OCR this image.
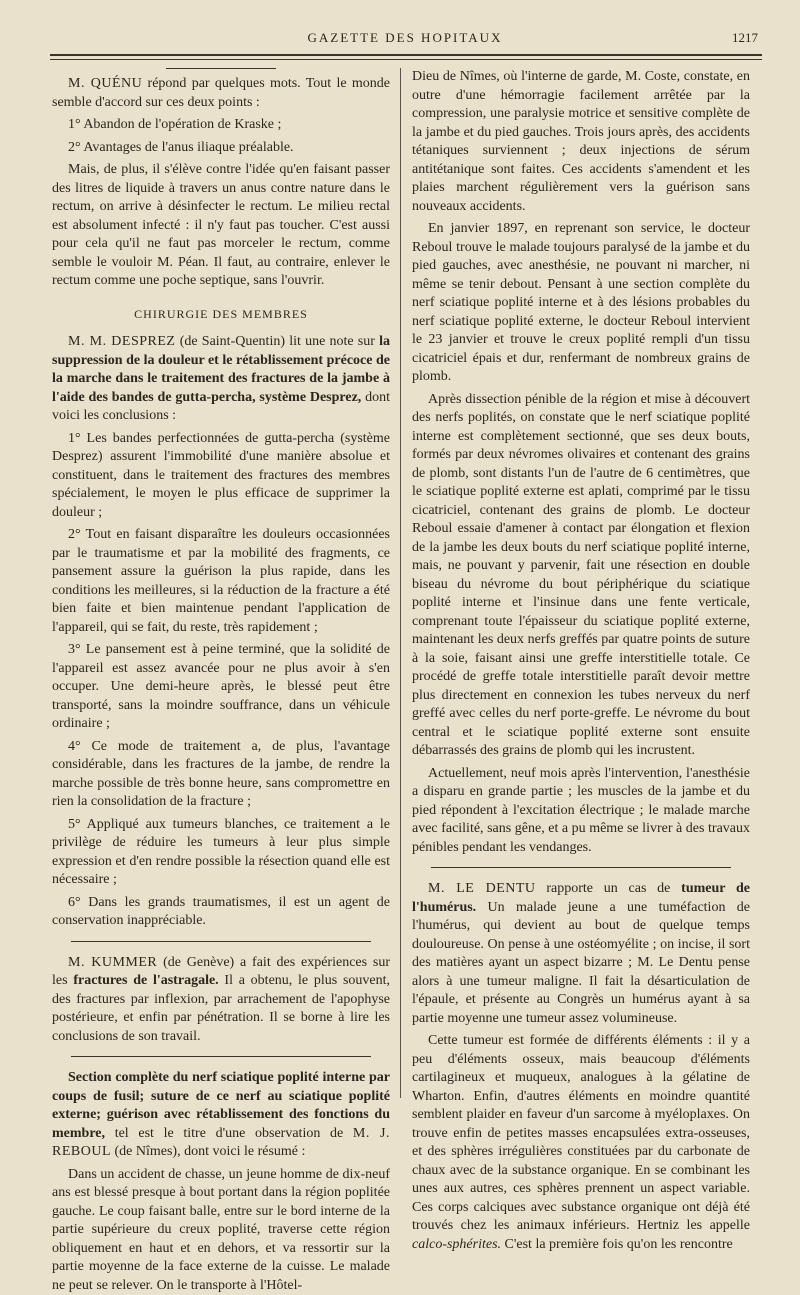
GAZETTE DES HOPITAUX	1217

M. QUÉNU répond par quelques mots. Tout le monde semble d'accord sur ces deux points :

1° Abandon de l'opération de Kraske ;

2° Avantages de l'anus iliaque préalable.

Mais, de plus, il s'élève contre l'idée qu'en faisant passer des litres de liquide à travers un anus contre nature dans le rectum, on arrive à désinfecter le rectum. Le milieu rectal est absolument infecté : il n'y faut pas toucher. C'est aussi pour cela qu'il ne faut pas morceler le rectum, comme semble le vouloir M. Péan. Il faut, au contraire, enlever le rectum comme une poche septique, sans l'ouvrir.

CHIRURGIE DES MEMBRES

M. M. DESPREZ (de Saint-Quentin) lit une note sur la suppression de la douleur et le rétablissement précoce de la marche dans le traitement des fractures de la jambe à l'aide des bandes de gutta-percha, système Desprez, dont voici les conclusions :

1° Les bandes perfectionnées de gutta-percha (système Desprez) assurent l'immobilité d'une manière absolue et constituent, dans le traitement des fractures des membres spécialement, le moyen le plus efficace de supprimer la douleur ;

2° Tout en faisant disparaître les douleurs occasionnées par le traumatisme et par la mobilité des fragments, ce pansement assure la guérison la plus rapide, dans les conditions les meilleures, si la réduction de la fracture a été bien faite et bien maintenue pendant l'application de l'appareil, qui se fait, du reste, très rapidement ;

3° Le pansement est à peine terminé, que la solidité de l'appareil est assez avancée pour ne plus avoir à s'en occuper. Une demi-heure après, le blessé peut être transporté, sans la moindre souffrance, dans un véhicule ordinaire ;

4° Ce mode de traitement a, de plus, l'avantage considérable, dans les fractures de la jambe, de rendre la marche possible de très bonne heure, sans compromettre en rien la consolidation de la fracture ;

5° Appliqué aux tumeurs blanches, ce traitement a le privilège de réduire les tumeurs à leur plus simple expression et d'en rendre possible la résection quand elle est nécessaire ;

6° Dans les grands traumatismes, il est un agent de conservation inappréciable.

M. KUMMER (de Genève) a fait des expériences sur les fractures de l'astragale. Il a obtenu, le plus souvent, des fractures par inflexion, par arrachement de l'apophyse postérieure, et enfin par pénétration. Il se borne à lire les conclusions de son travail.

Section complète du nerf sciatique poplité interne par coups de fusil; suture de ce nerf au sciatique poplité externe; guérison avec rétablissement des fonctions du membre, tel est le titre d'une observation de M. J. REBOUL (de Nîmes), dont voici le résumé :

Dans un accident de chasse, un jeune homme de dix-neuf ans est blessé presque à bout portant dans la région poplitée gauche. Le coup faisant balle, entre sur le bord interne de la partie supérieure du creux poplité, traverse cette région obliquement en haut et en dehors, et va ressortir sur la partie moyenne de la face externe de la cuisse. Le malade ne peut se relever. On le transporte à l'Hôtel-

Dieu de Nîmes, où l'interne de garde, M. Coste, constate, en outre d'une hémorragie facilement arrêtée par la compression, une paralysie motrice et sensitive complète de la jambe et du pied gauches. Trois jours après, des accidents tétaniques surviennent ; deux injections de sérum antitétanique sont faites. Ces accidents s'amendent et les plaies marchent régulièrement vers la guérison sans nouveaux accidents.

En janvier 1897, en reprenant son service, le docteur Reboul trouve le malade toujours paralysé de la jambe et du pied gauches, avec anesthésie, ne pouvant ni marcher, ni même se tenir debout. Pensant à une section complète du nerf sciatique poplité interne et à des lésions probables du nerf sciatique poplité externe, le docteur Reboul intervient le 23 janvier et trouve le creux poplité rempli d'un tissu cicatriciel épais et dur, renfermant de nombreux grains de plomb.

Après dissection pénible de la région et mise à découvert des nerfs poplités, on constate que le nerf sciatique poplité interne est complètement sectionné, que ses deux bouts, formés par deux névromes olivaires et contenant des grains de plomb, sont distants l'un de l'autre de 6 centimètres, que le sciatique poplité externe est aplati, comprimé par le tissu cicatriciel, contenant des grains de plomb. Le docteur Reboul essaie d'amener à contact par élongation et flexion de la jambe les deux bouts du nerf sciatique poplité interne, mais, ne pouvant y parvenir, fait une résection en double biseau du névrome du bout périphérique du sciatique poplité interne et l'insinue dans une fente verticale, comprenant toute l'épaisseur du sciatique poplité externe, maintenant les deux nerfs greffés par quatre points de suture à la soie, faisant ainsi une greffe interstitielle totale. Ce procédé de greffe totale interstitielle paraît devoir mettre plus directement en connexion les tubes nerveux du nerf greffé avec celles du nerf porte-greffe. Le névrome du bout central et le sciatique poplité externe sont ensuite débarrassés des grains de plomb qui les incrustent.

Actuellement, neuf mois après l'intervention, l'anesthésie a disparu en grande partie ; les muscles de la jambe et du pied répondent à l'excitation électrique ; le malade marche avec facilité, sans gêne, et a pu même se livrer à des travaux pénibles pendant les vendanges.

M. LE DENTU rapporte un cas de tumeur de l'humérus. Un malade jeune a une tuméfaction de l'humérus, qui devient au bout de quelque temps douloureuse. On pense à une ostéomyélite ; on incise, il sort des matières ayant un aspect bizarre ; M. Le Dentu pense alors à une tumeur maligne. Il fait la désarticulation de l'épaule, et présente au Congrès un humérus ayant à sa partie moyenne une tumeur assez volumineuse.

Cette tumeur est formée de différents éléments : il y a peu d'éléments osseux, mais beaucoup d'éléments cartilagineux et muqueux, analogues à la gélatine de Wharton. Enfin, d'autres éléments en moindre quantité semblent plaider en faveur d'un sarcome à myéloplaxes. On trouve enfin de petites masses encapsulées extra-osseuses, et des sphères irrégulières constituées par du carbonate de chaux avec de la substance organique. En se combinant les unes aux autres, ces sphères prennent un aspect variable. Ces corps calciques avec substance organique ont déjà été trouvés chez les animaux inférieurs. Hertniz les appelle calco-sphérites. C'est la première fois qu'on les rencontre
